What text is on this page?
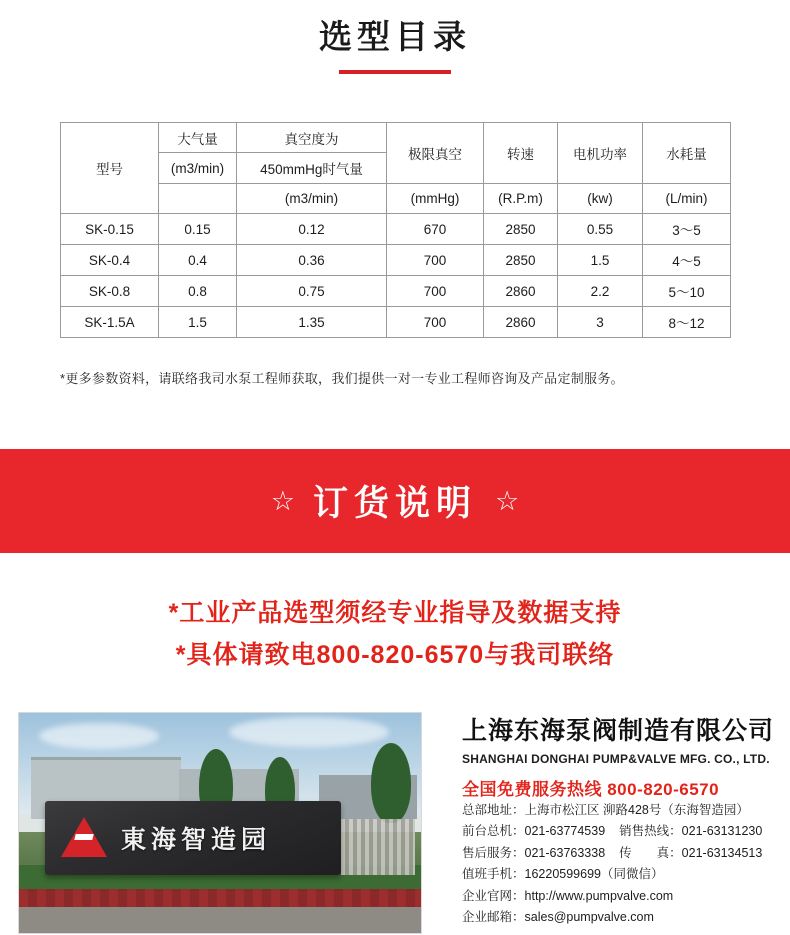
选型目录
型号	大气量	真空度为	极限真空	转速	电机功率	水耗量
	(m3/min)	450mmHg时气量				
		(m3/min)	(mmHg)	(R.P.m)	(kw)	(L/min)
SK-0.15	0.15	0.12	670	2850	0.55	3～5
SK-0.4	0.4	0.36	700	2850	1.5	4～5
SK-0.8	0.8	0.75	700	2860	2.2	5～10
SK-1.5A	1.5	1.35	700	2860	3	8～12
*更多参数资料，请联络我司水泵工程师获取，我们提供一对一专业工程师咨询及产品定制服务。
☆ 订货说明 ☆
*工业产品选型须经专业指导及数据支持
*具体请致电800-820-6570与我司联络
東海智造园
上海东海泵阀制造有限公司
SHANGHAI DONGHAI PUMP&VALVE MFG. CO., LTD.
全国免费服务热线 800-820-6570
总部地址：上海市松江区 泖路428号（东海智造园）
前台总机：021-63774539 销售热线：021-63131230
售后服务：021-63763338 传　　真：021-63134513
值班手机：16220599699（同微信）
企业官网：http://www.pumpvalve.com
企业邮箱：sales@pumpvalve.com
